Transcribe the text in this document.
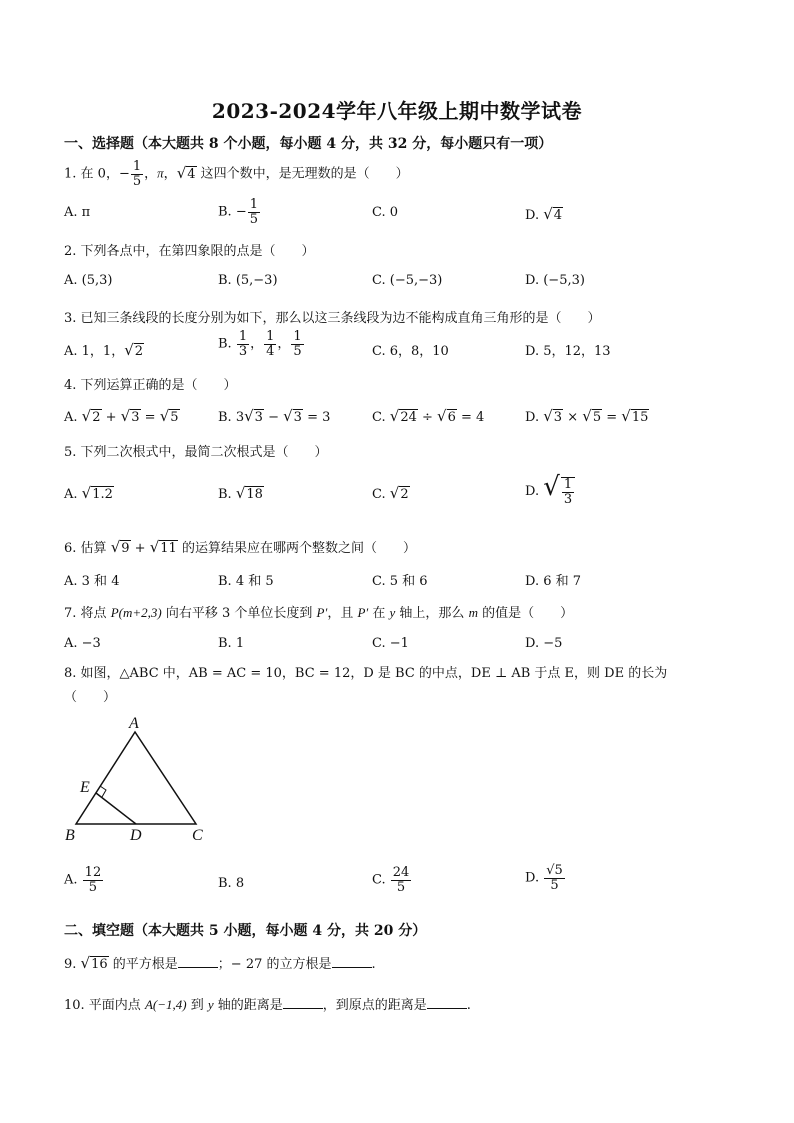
2023-2024学年八年级上期中数学试卷
一、选择题（本大题共 8 个小题，每小题 4 分，共 32 分，每小题只有一项）
1. 在 0，− $\frac{1}{5}$ ，π，√4 这四个数中，是无理数的是（　　）
A. π	B. − $\frac{1}{5}$	C. 0	D. √4
2. 下列各点中，在第四象限的点是（　　）
A. (5,3)	B. (5,−3)	C. (−5,−3)	D. (−5,3)
3. 已知三条线段的长度分别为如下，那么以这三条线段为边不能构成直角三角形的是（　　）
A. 1，1，√2	B. $\frac{1}{3}$ ， $\frac{1}{4}$ ， $\frac{1}{5}$	C. 6，8，10	D. 5，12，13
4. 下列运算正确的是（　　）
A. √2 + √3 = √5	B. 3√3 − √3 = 3	C. √24 ÷ √6 = 4	D. √3 × √5 = √15
5. 下列二次根式中，最简二次根式是（　　）
A. √1.2	B. √18	C. √2	D. √ $\frac{1}{3}$
6. 估算 √9 + √11 的运算结果应在哪两个整数之间（　　）
A. 3 和 4	B. 4 和 5	C. 5 和 6	D. 6 和 7
7. 将点 P(m+2,3) 向右平移 3 个单位长度到 P′，且 P′ 在 y 轴上，那么 m 的值是（　　）
A. −3	B. 1	C. −1	D. −5
8. 如图，△ABC 中，AB = AC = 10，BC = 12，D 是 BC 的中点，DE ⊥ AB 于点 E，则 DE 的长为
（　　）
A
B	D	C
E
A. $\frac{12}{5}$	B. 8	C. $\frac{24}{5}$	D. $\frac{√5}{5}$
二、填空题（本大题共 5 小题，每小题 4 分，共 20 分）
9. √16 的平方根是	；− 27 的立方根是	.
10. 平面内点 A(−1,4) 到 y 轴的距离是	，到原点的距离是	.
